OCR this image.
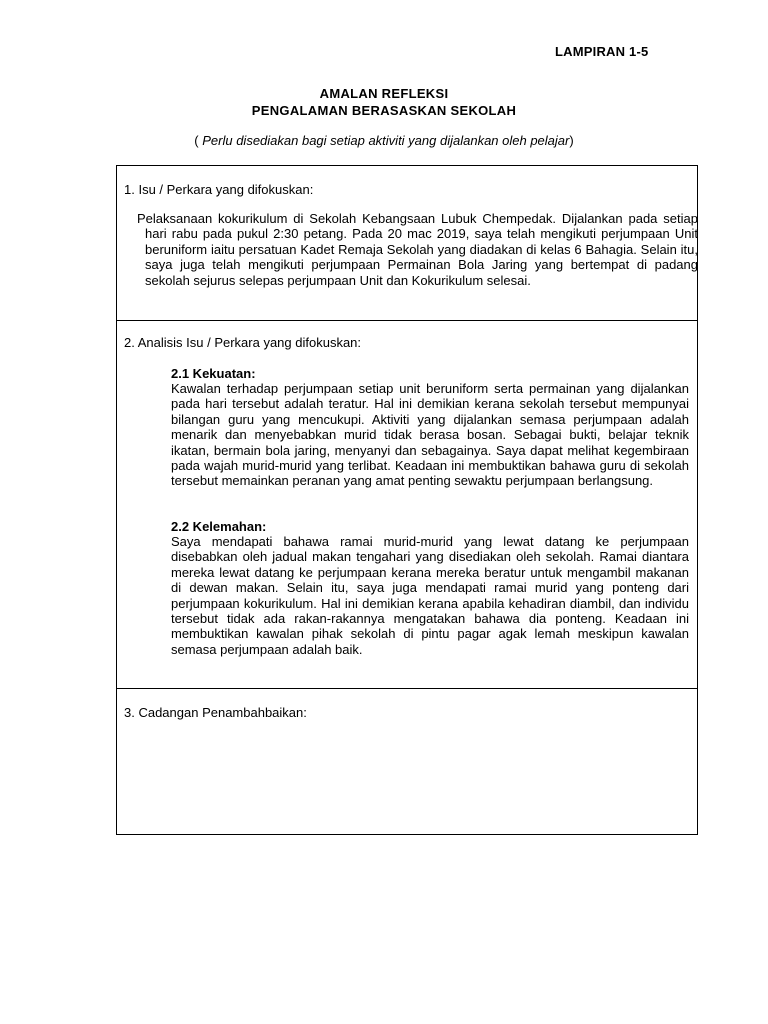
LAMPIRAN 1-5
AMALAN REFLEKSI
PENGALAMAN BERASASKAN SEKOLAH
( Perlu disediakan bagi setiap aktiviti yang dijalankan oleh pelajar)
1. Isu / Perkara yang difokuskan:

Pelaksanaan kokurikulum di Sekolah Kebangsaan Lubuk Chempedak. Dijalankan pada setiap hari rabu pada pukul 2:30 petang. Pada 20 mac 2019, saya telah mengikuti perjumpaan Unit beruniform iaitu persatuan Kadet Remaja Sekolah yang diadakan di kelas 6 Bahagia. Selain itu, saya juga telah mengikuti perjumpaan Permainan Bola Jaring yang bertempat di padang sekolah sejurus selepas perjumpaan Unit dan Kokurikulum selesai.

2. Analisis Isu / Perkara yang difokuskan:
2.1 Kekuatan:

Kawalan terhadap perjumpaan setiap unit beruniform serta permainan yang dijalankan pada hari tersebut adalah teratur. Hal ini demikian kerana sekolah tersebut mempunyai bilangan guru yang mencukupi. Aktiviti yang dijalankan semasa perjumpaan adalah menarik dan menyebabkan murid tidak berasa bosan. Sebagai bukti, belajar teknik ikatan, bermain bola jaring, menyanyi dan sebagainya. Saya dapat melihat kegembiraan pada wajah murid-murid yang terlibat. Keadaan ini membuktikan bahawa guru di sekolah tersebut memainkan peranan yang amat penting sewaktu perjumpaan berlangsung.

2.2 Kelemahan:

Saya mendapati bahawa ramai murid-murid yang lewat datang ke perjumpaan disebabkan oleh jadual makan tengahari yang disediakan oleh sekolah. Ramai diantara mereka lewat datang ke perjumpaan kerana mereka beratur untuk mengambil makanan di dewan makan. Selain itu, saya juga mendapati ramai murid yang ponteng dari perjumpaan kokurikulum. Hal ini demikian kerana apabila kehadiran diambil, dan individu tersebut tidak ada rakan-rakannya mengatakan bahawa dia ponteng. Keadaan ini membuktikan kawalan pihak sekolah di pintu pagar agak lemah meskipun kawalan semasa perjumpaan adalah baik.

3. Cadangan Penambahbaikan:
